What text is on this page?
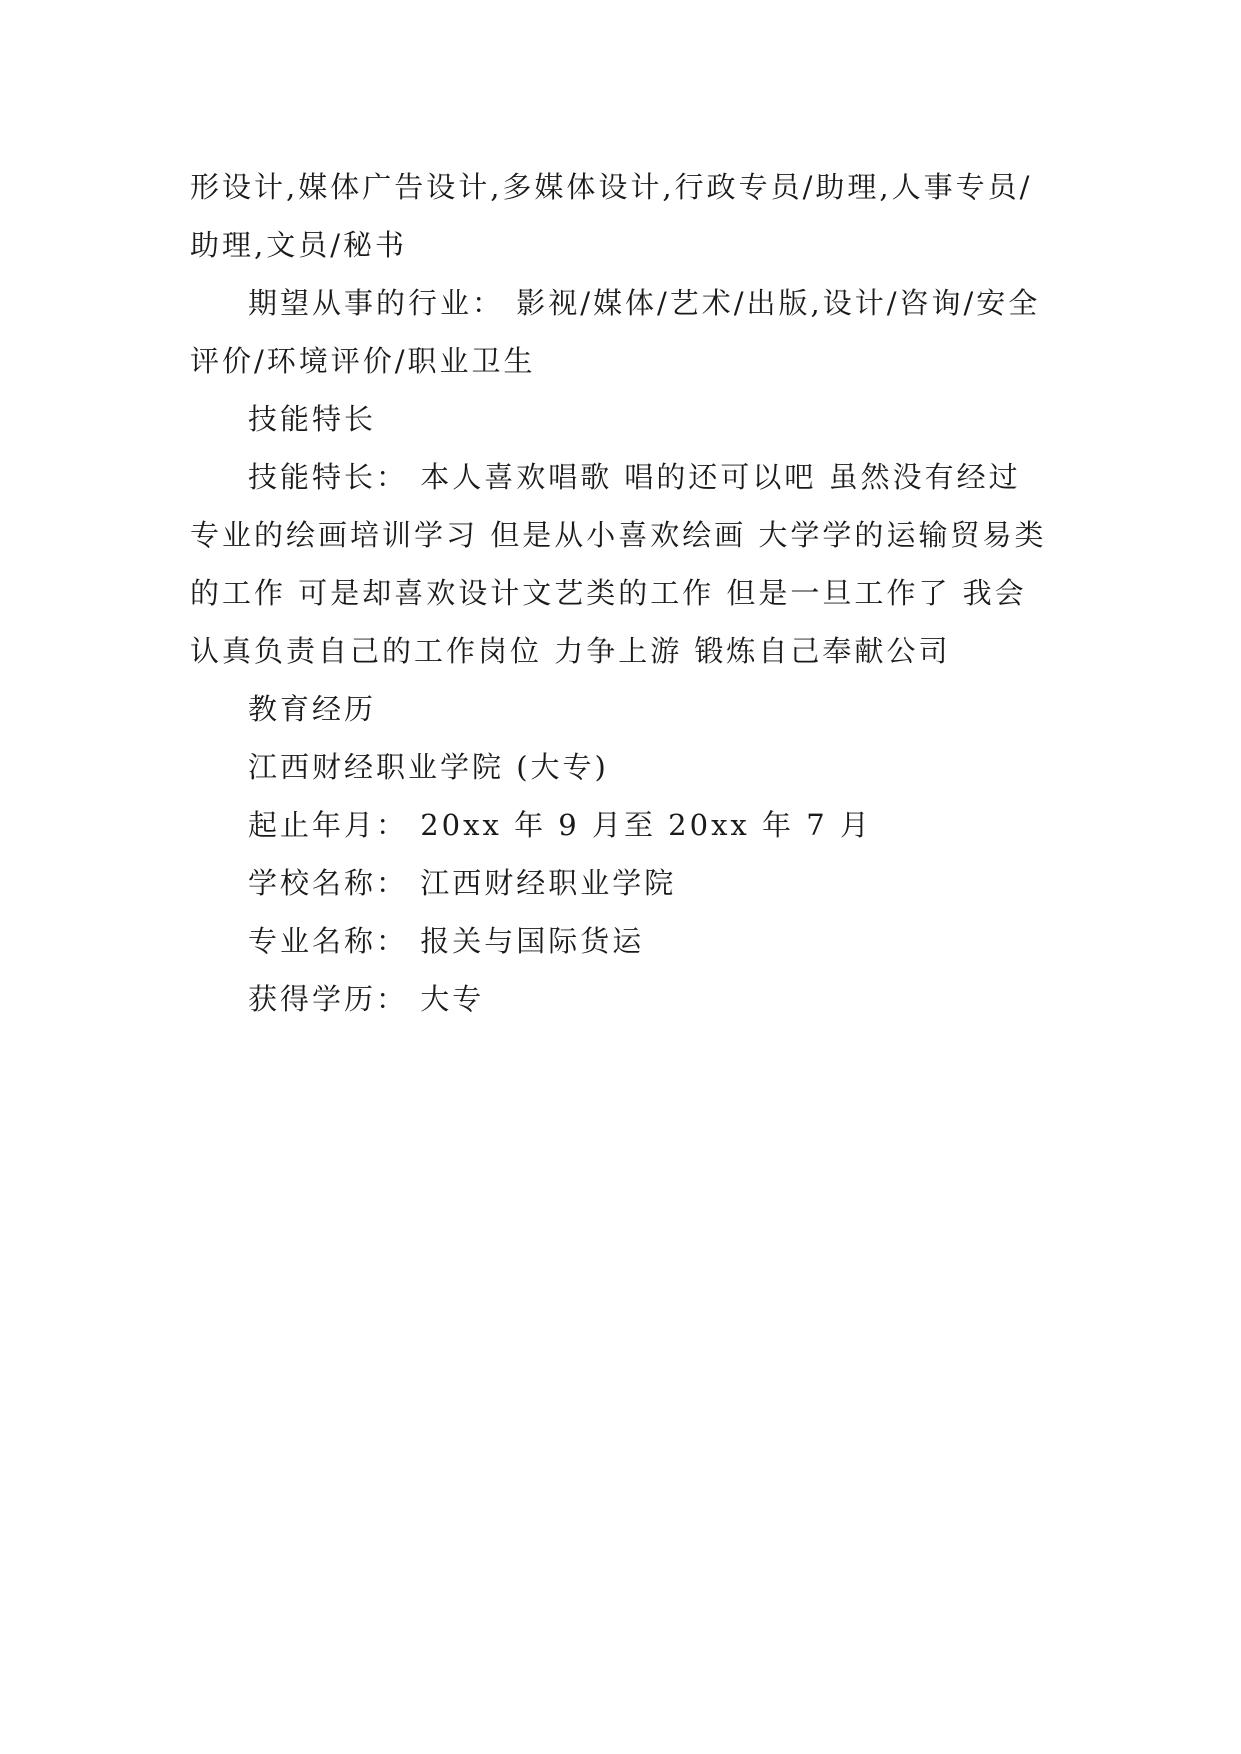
形设计,媒体广告设计,多媒体设计,行政专员/助理,人事专员/助理,文员/秘书

期望从事的行业： 影视/媒体/艺术/出版,设计/咨询/安全评价/环境评价/职业卫生

技能特长

技能特长： 本人喜欢唱歌 唱的还可以吧 虽然没有经过专业的绘画培训学习 但是从小喜欢绘画 大学学的运输贸易类的工作 可是却喜欢设计文艺类的工作 但是一旦工作了 我会认真负责自己的工作岗位 力争上游 锻炼自己奉献公司

教育经历

江西财经职业学院 (大专)

起止年月： 20xx 年 9 月至 20xx 年 7 月

学校名称： 江西财经职业学院

专业名称： 报关与国际货运

获得学历： 大专
